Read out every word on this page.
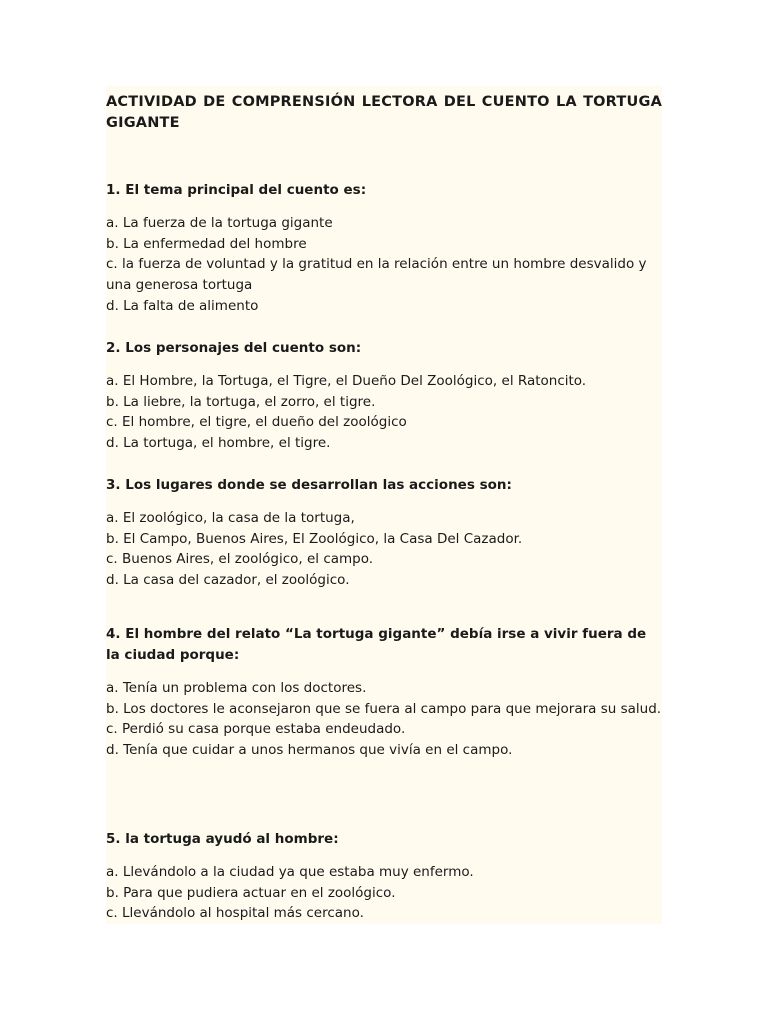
ACTIVIDAD DE COMPRENSIÓN LECTORA DEL CUENTO LA TORTUGA GIGANTE

1. El tema principal del cuento es:

a. La fuerza de la tortuga gigante
b. La enfermedad del hombre
c. la fuerza de voluntad y la gratitud en la relación entre un hombre desvalido y una generosa tortuga
d. La falta de alimento

2. Los personajes del cuento son:

a. El Hombre, la Tortuga, el Tigre, el Dueño Del Zoológico, el Ratoncito.
b. La liebre, la tortuga, el zorro, el tigre.
c. El hombre, el tigre, el dueño del zoológico
d. La tortuga, el hombre, el tigre.

3. Los lugares donde se desarrollan las acciones son:

a. El zoológico, la casa de la tortuga,
b. El Campo, Buenos Aires, El Zoológico, la Casa Del Cazador.
c. Buenos Aires, el zoológico, el campo.
d. La casa del cazador, el zoológico.

4. El hombre del relato “La tortuga gigante” debía irse a vivir fuera de la ciudad porque:

a. Tenía un problema con los doctores.
b. Los doctores le aconsejaron que se fuera al campo para que mejorara su salud.
c. Perdió su casa porque estaba endeudado.
d. Tenía que cuidar a unos hermanos que vivía en el campo.

5. la tortuga ayudó al hombre:

a. Llevándolo a la ciudad ya que estaba muy enfermo.
b. Para que pudiera actuar en el zoológico.
c. Llevándolo al hospital más cercano.
